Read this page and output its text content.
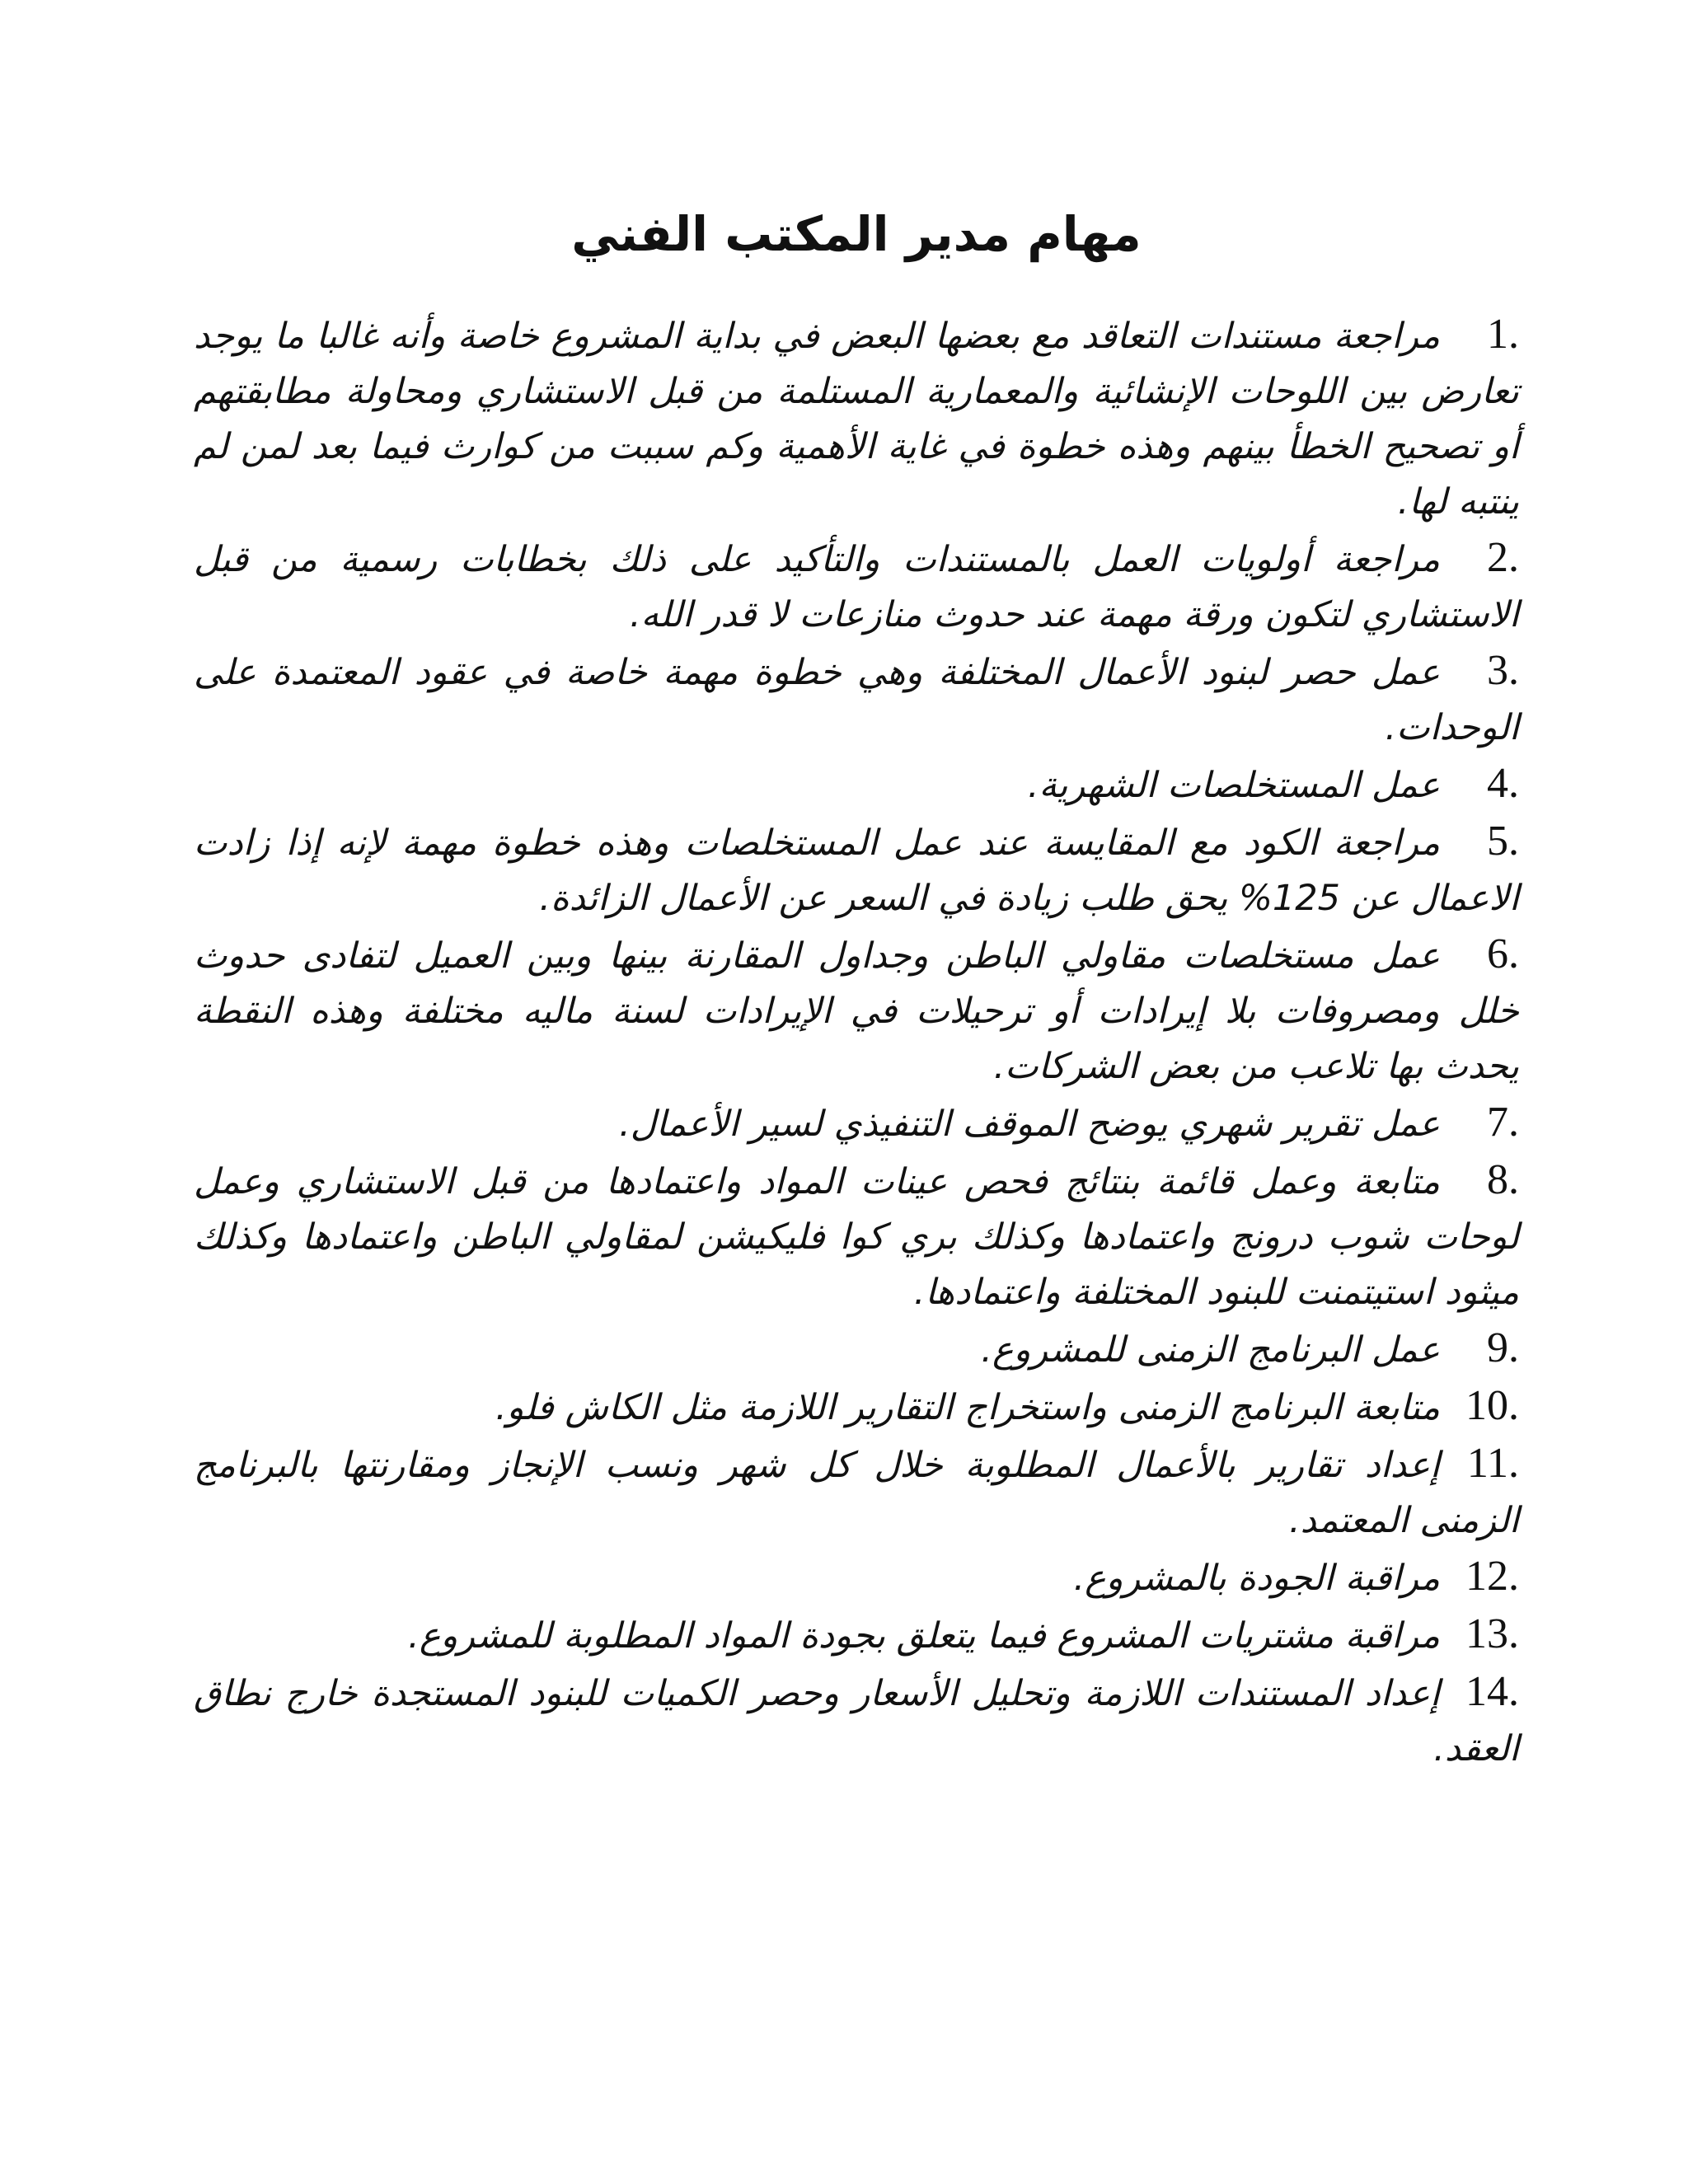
مهام مدير المكتب الفني
.1مراجعة مستندات التعاقد مع بعضها البعض في بداية المشروع خاصة وأنه غالبا ما يوجد تعارض بين اللوحات الإنشائية والمعمارية المستلمة من قبل الاستشاري ومحاولة مطابقتهم أو تصحيح الخطأ بينهم وهذه خطوة في غاية الأهمية وكم سببت من كوارث فيما بعد لمن لم ينتبه لها.
.2مراجعة أولويات العمل بالمستندات والتأكيد على ذلك بخطابات رسمية من قبل الاستشاري لتكون ورقة مهمة عند حدوث منازعات لا قدر الله.
.3عمل حصر لبنود الأعمال المختلفة وهي خطوة مهمة خاصة في عقود المعتمدة على الوحدات.
.4عمل المستخلصات الشهرية.
.5مراجعة الكود مع المقايسة عند عمل المستخلصات وهذه خطوة مهمة لإنه إذا زادت الاعمال عن 125% يحق طلب زيادة في السعر عن الأعمال الزائدة.
.6عمل مستخلصات مقاولي الباطن وجداول المقارنة بينها وبين العميل لتفادى حدوث خلل ومصروفات بلا إيرادات أو ترحيلات في الإيرادات لسنة ماليه مختلفة وهذه النقطة يحدث بها تلاعب من بعض الشركات.
.7عمل تقرير شهري يوضح الموقف التنفيذي لسير الأعمال.
.8متابعة وعمل قائمة بنتائج فحص عينات المواد واعتمادها من قبل الاستشاري وعمل لوحات شوب درونج واعتمادها وكذلك بري كوا فليكيشن لمقاولي الباطن واعتمادها وكذلك ميثود استيتمنت للبنود المختلفة واعتمادها.
.9عمل البرنامج الزمنى للمشروع.
.10متابعة البرنامج الزمنى واستخراج التقارير اللازمة مثل الكاش فلو.
.11إعداد تقارير بالأعمال المطلوبة خلال كل شهر ونسب الإنجاز ومقارنتها بالبرنامج الزمنى المعتمد.
.12مراقبة الجودة بالمشروع.
.13مراقبة مشتريات المشروع فيما يتعلق بجودة المواد المطلوبة للمشروع.
.14إعداد المستندات اللازمة وتحليل الأسعار وحصر الكميات للبنود المستجدة خارج نطاق العقد.
